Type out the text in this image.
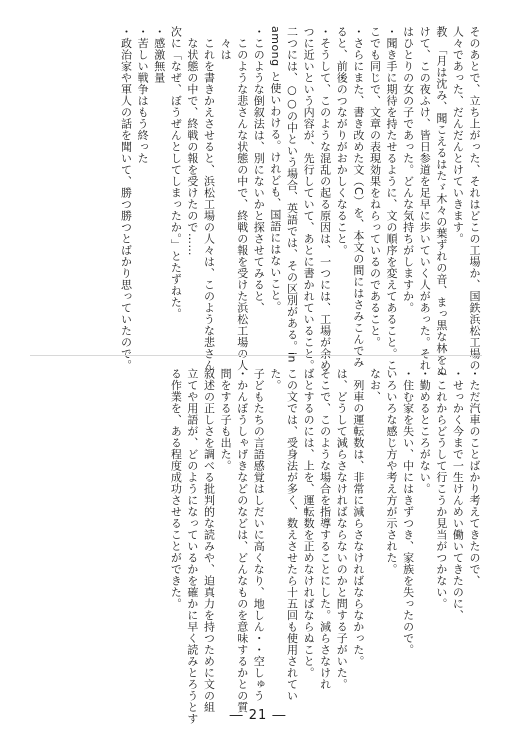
そのあとで、立ち上がった、それはどこの工場か、国鉄浜松工場の
人々であった、だんだんとけていきます。
教　「月は沈み、聞こえるはたゞ木々の葉ずれの音、まっ黒な林をぬ
けて、この夜ふけ、皆日参道を足早に歩いていく人があった。それ
はひとりの女の子であった。どんな気持ちがしますか。
・聞き手に期待を持たせるように、文の順序を変えてあること。こ
こでも同じで、文章の表現効果をねらっているのであること。
・さらにまた、書き改めた文（C）を、本文の間にはさみこんでみ
ると、前後のつながりがおかしくなること。
・そうして、このような混乱の起る原因は、一つには、工場が余め
つに近いという内容が、先行していて、あとに書かれていること。
二つには、○○の中という場合、英語では、その区別がある。in
among と使いわける。けれども、国語にはないこと。
・このような倒叙法は、別にないかと探させてみると、
　このような悲さんな状態の中で、終戦の報を受けた浜松工場の人
　々は
　これを書きかえさせると、浜松工場の人々は、このような悲さん
　な状態の中で、終戦の報を受けたので……
次に「なぜ、ぼうぜんとしてしまったか。」とたずねた。
・感激無量
・苦しい戦争はもう終った
・政治家や軍人の話を聞いて、勝つ勝つとばかり思っていたので。
・ただ汽車のことばかり考えてきたので、
・せっかく今まで一生けんめい働いてきたのに、
・これからどうして行こうか見当がつかない。
・勤めるところがない。
・住む家を失い、中にはきずつき、家族を失ったので。
いろいろな感じ方や考え方が示された。
なお、
　列車の運転数は、非常に減らさなければならなかった。
は、どうして減らさなければならないのかと問する子がいた。
そこで、このような場合を指導することにした。減らさなけれ
ばとするのには、上を、運転数を正めなければならぬこと。
この文では、受身法が多く、数えさせたら十五回も使用されてい
た。
子どもたちの言語感覚はしだいに高くなり、地しん・・空しゅう
・かんぼうしゃげきなどのなどは、どんなものを意味するかとの質
問をする子も出た。
叙述の正しさを調べる批判的な読みや、迫真力を持つために文の組
立てや用語が、どのようになっているかを確かに早く読みとろうとす
る作業を、ある程度成功させることができた。
― 21 ―
